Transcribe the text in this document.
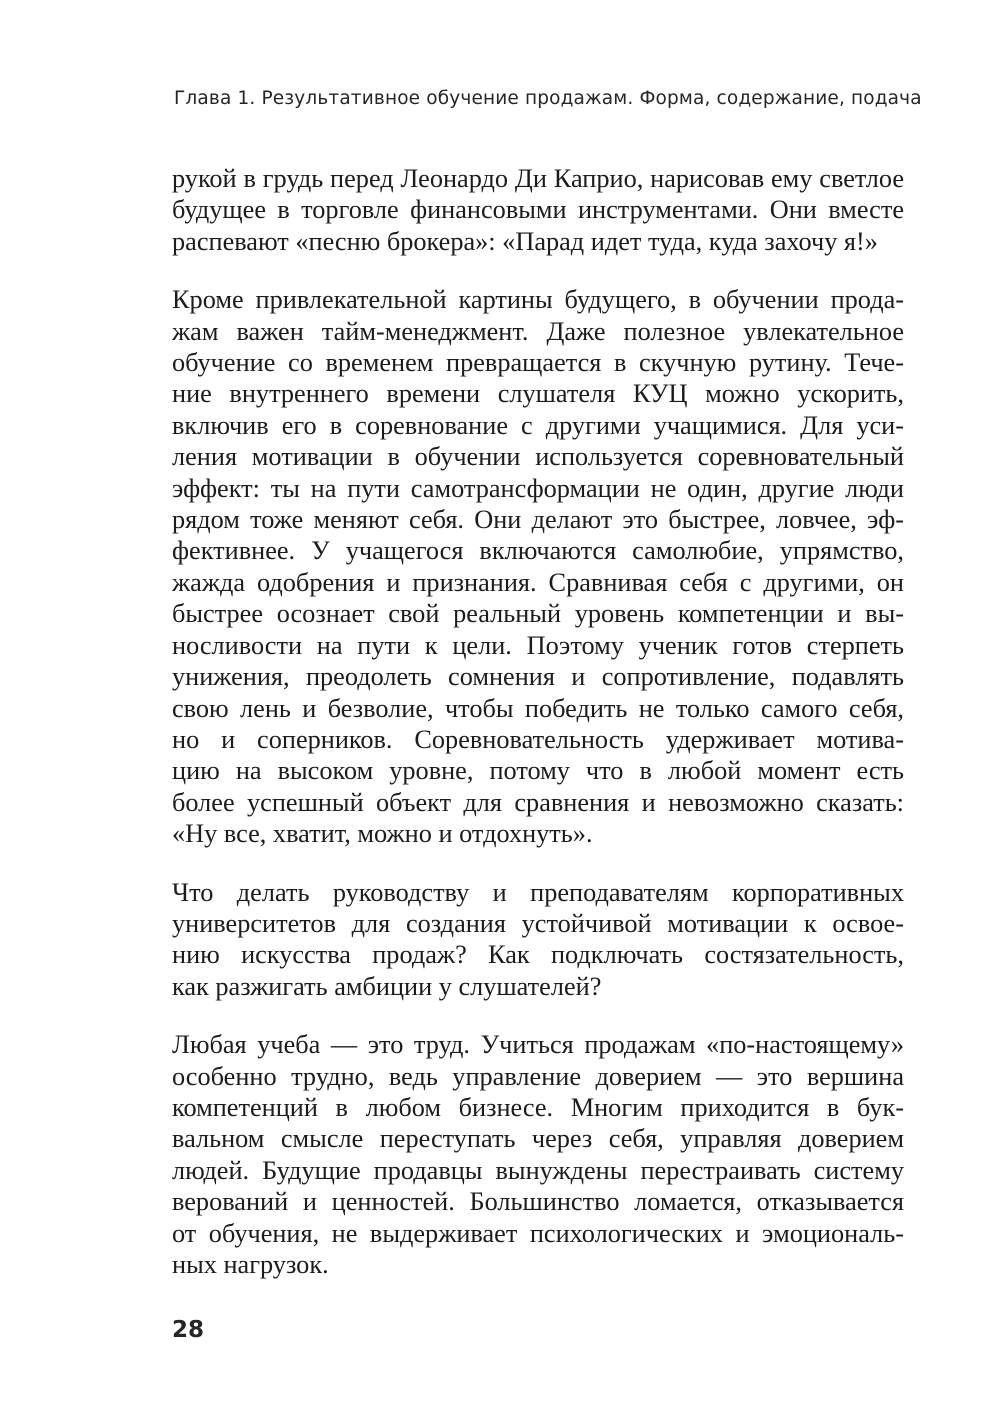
Глава 1. Результативное обучение продажам. Форма, содержание, подача

рукой в грудь перед Леонардо Ди Каприо, нарисовав ему светлое
будущее в торговле финансовыми инструментами. Они вместе
распевают «песню брокера»: «Парад идет туда, куда захочу я!»

Кроме привлекательной картины будущего, в обучении прода-
жам важен тайм-менеджмент. Даже полезное увлекательное
обучение со временем превращается в скучную рутину. Тече-
ние внутреннего времени слушателя КУЦ можно ускорить,
включив его в соревнование с другими учащимися. Для уси-
ления мотивации в обучении используется соревновательный
эффект: ты на пути самотрансформации не один, другие люди
рядом тоже меняют себя. Они делают это быстрее, ловчее, эф-
фективнее. У учащегося включаются самолюбие, упрямство,
жажда одобрения и признания. Сравнивая себя с другими, он
быстрее осознает свой реальный уровень компетенции и вы-
носливости на пути к цели. Поэтому ученик готов стерпеть
унижения, преодолеть сомнения и сопротивление, подавлять
свою лень и безволие, чтобы победить не только самого себя,
но и соперников. Соревновательность удерживает мотива-
цию на высоком уровне, потому что в любой момент есть
более успешный объект для сравнения и невозможно сказать:
«Ну все, хватит, можно и отдохнуть».

Что делать руководству и преподавателям корпоративных
университетов для создания устойчивой мотивации к освое-
нию искусства продаж? Как подключать состязательность,
как разжигать амбиции у слушателей?

Любая учеба — это труд. Учиться продажам «по-настоящему»
особенно трудно, ведь управление доверием — это вершина
компетенций в любом бизнесе. Многим приходится в бук-
вальном смысле переступать через себя, управляя доверием
людей. Будущие продавцы вынуждены перестраивать систему
верований и ценностей. Большинство ломается, отказывается
от обучения, не выдерживает психологических и эмоциональ-
ных нагрузок.

28
